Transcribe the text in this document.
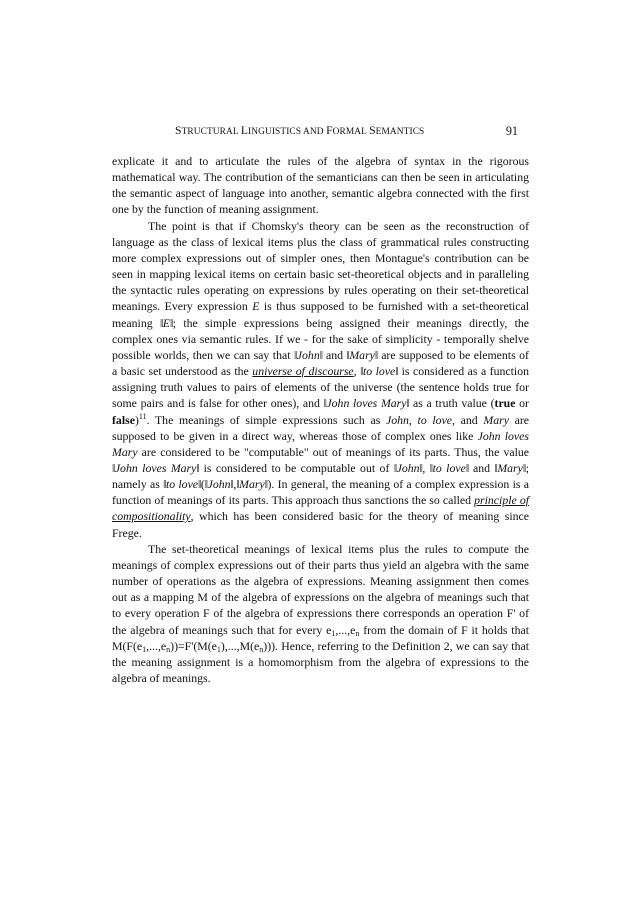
STRUCTURAL LINGUISTICS AND FORMAL SEMANTICS	91

explicate it and to articulate the rules of the algebra of syntax in the rigorous mathematical way. The contribution of the semanticians can then be seen in articulating the semantic aspect of language into another, semantic algebra connected with the first one by the function of meaning assignment.

The point is that if Chomsky's theory can be seen as the reconstruction of language as the class of lexical items plus the class of grammatical rules constructing more complex expressions out of simpler ones, then Montague's contribution can be seen in mapping lexical items on certain basic set-theoretical objects and in paralleling the syntactic rules operating on expressions by rules operating on their set-theoretical meanings. Every expression E is thus supposed to be furnished with a set-theoretical meaning ‖E‖; the simple expressions being assigned their meanings directly, the complex ones via semantic rules. If we - for the sake of simplicity - temporally shelve possible worlds, then we can say that ‖John‖ and ‖Mary‖ are supposed to be elements of a basic set understood as the universe of discourse, ‖to love‖ is considered as a function assigning truth values to pairs of elements of the universe (the sentence holds true for some pairs and is false for other ones), and ‖John loves Mary‖ as a truth value (true or false)$^{11}$. The meanings of simple expressions such as John, to love, and Mary are supposed to be given in a direct way, whereas those of complex ones like John loves Mary are considered to be "computable" out of meanings of its parts. Thus, the value ‖John loves Mary‖ is considered to be computable out of ‖John‖, ‖to love‖ and ‖Mary‖; namely as ‖to love‖(‖John‖,‖Mary‖). In general, the meaning of a complex expression is a function of meanings of its parts. This approach thus sanctions the so called principle of compositionality, which has been considered basic for the theory of meaning since Frege.

The set-theoretical meanings of lexical items plus the rules to compute the meanings of complex expressions out of their parts thus yield an algebra with the same number of operations as the algebra of expressions. Meaning assignment then comes out as a mapping M of the algebra of expressions on the algebra of meanings such that to every operation F of the algebra of expressions there corresponds an operation F' of the algebra of meanings such that for every $e_1,...,e_n$ from the domain of F it holds that $M(F(e_1,...,e_n))=F'(M(e_1),...,M(e_n))$). Hence, referring to the Definition 2, we can say that the meaning assignment is a homomorphism from the algebra of expressions to the algebra of meanings.
